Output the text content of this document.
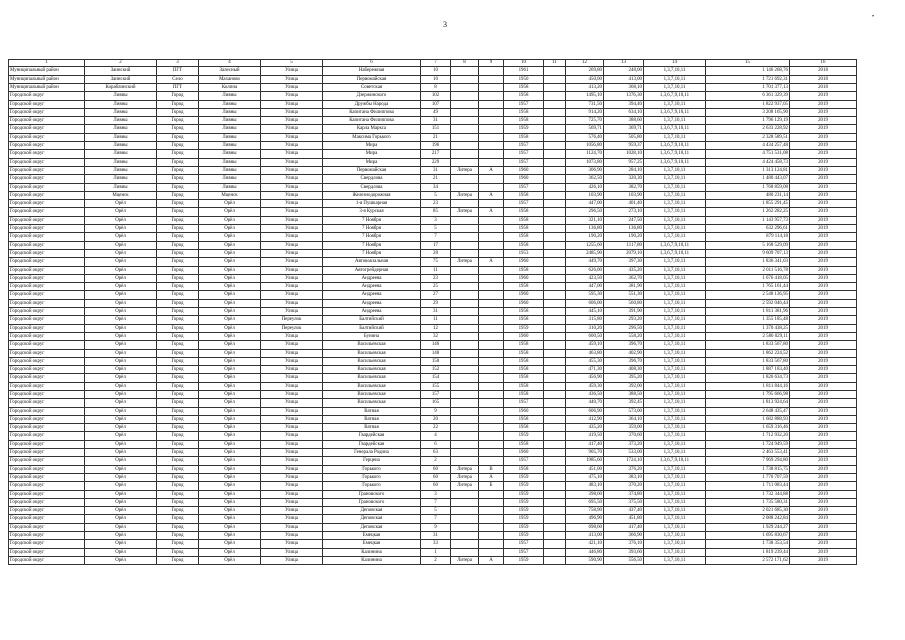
3
•
1	2	3	4	5	6	7	8	9	10	11	12	13	14	15	16
Муниципальный район	Заинский	ПГТ	Залесный	Улица	Набережная	10			1961		269,80	248,00	1,3,7,10,11	1 146 268,76	2018
Муниципальный район	Заинский	Село	Маханово	Улица	Первомайская	10			1950		450,00	413,00	1,3,7,10,11	1 721 692,31	2018
Муниципальный район	Кораблинский	ПГТ	Колпна	Улица	Советская	8			1958		413,20	368,10	1,3,7,10,11	1 701 377,13	2018
Городской округ	Ливны	Город	Ливны	Улица	Дзержинского	102			1958		1495,10	1376,30	1,3,6,7,9,10,11	6 361 329,39	2019
Городской округ	Ливны	Город	Ливны	Улица	Дружбы Народа	107			1957		731,50	394,40	1,3,7,10,11	1 822 937,05	2019
Городской округ	Ливны	Город	Ливны	Улица	Капитана Филиппова	49			1958		914,20	634,10	1,3,6,7,9,10,11	3 208 165,90	2019
Городской округ	Ливны	Город	Ливны	Улица	Капитана Филиппова	31			1958		725,70	388,60	1,3,7,10,11	1 796 129,19	2019
Городской округ	Ливны	Город	Ливны	Улица	Карла Маркса	151			1959		569,71	369,71	1,3,6,7,9,10,11	2 633 228,92	2019
Городской округ	Ливны	Город	Ливны	Улица	Максима Горького	21			1958		576,40	505,80	1,3,7,10,11	2 328 589,51	2019
Городской округ	Ливны	Город	Ливны	Улица	Мира	196			1957		1056,80	959,37	1,3,6,7,9,10,11	4 434 257,48	2019
Городской округ	Ливны	Город	Ливны	Улица	Мира	217			1957		1124,70	1028,10	1,3,6,7,9,10,11	4 751 531,08	2019
Городской округ	Ливны	Город	Ливны	Улица	Мира	229			1957		1073,80	957,25	1,3,6,7,9,10,11	4 424 458,73	2019
Городской округ	Ливны	Город	Ливны	Улица	Первомайская	31	Литера	А	1960		306,90	284,10	1,3,7,10,11	1 313 124,81	2019
Городской округ	Ливны	Город	Ливны	Улица	Свердлова	21			1960		362,50	320,30	1,3,7,10,11	1 480 443,07	2019
Городской округ	Ливны	Город	Ливны	Улица	Свердлова	34			1957		426,10	382,70	1,3,7,10,11	1 768 859,08	2019
Городской округ	Мценск	Город	Мценск	Улица	Железнодорожная	5	Литера	А	1958		103,90	103,90	1,3,7,10,11	480 231,14	2019
Городской округ	Орёл	Город	Орёл	Улица	1-я Пушкарная	23			1957		447,00	401,40	1,3,7,10,11	1 855 291,45	2019
Городской округ	Орёл	Город	Орёл	Улица	3-я Курская	85	Литера	А	1958		296,50	273,10	1,3,7,10,11	1 262 282,25	2019
Городской округ	Орёл	Город	Орёл	Улица	7 Ноября	3			1958		321,10	247,50	1,3,7,10,11	1 143 957,73	2019
Городской округ	Орёл	Город	Орёл	Улица	7 Ноября	5			1958		136,80	136,80	1,3,7,10,11	632 296,61	2019
Городской округ	Орёл	Город	Орёл	Улица	7 Ноября	7			1958		190,20	190,20	1,3,7,10,11	879 114,18	2019
Городской округ	Орёл	Город	Орёл	Улица	7 Ноября	17			1958		1255,60	1117,80	1,3,6,7,9,10,11	5 168 529,09	2019
Городской округ	Орёл	Город	Орёл	Улица	7 Ноября	28			1953		2485,90	2079,10	1,3,6,7,9,10,11	9 609 707,13	2019
Городской округ	Орёл	Город	Орёл	Улица	Автовокзальная	75	Литера	А	1960		449,70	397,30	1,3,7,10,11	1 836 341,03	2019
Городской округ	Орёл	Город	Орёл	Улица	Автогрейдерная	11			1958		626,00	435,20	1,3,7,10,11	2 011 516,78	2019
Городской округ	Орёл	Город	Орёл	Улица	Андреева	23			1960		423,50	362,70	1,3,7,10,11	1 676 418,05	2019
Городской округ	Орёл	Город	Орёл	Улица	Андреева	25			1958		447,00	381,90	1,3,7,10,11	1 765 161,44	2019
Городской округ	Орёл	Город	Орёл	Улица	Андреева	27			1960		595,30	551,30	1,3,7,10,11	2 548 136,95	2019
Городской округ	Орёл	Город	Орёл	Улица	Андреева	29			1960		606,00	560,80	1,3,7,10,11	2 592 046,44	2019
Городской округ	Орёл	Город	Орёл	Улица	Андреева	31			1958		445,10	391,90	1,3,7,10,11	1 811 381,96	2019
Городской округ	Орёл	Город	Орёл	Переулок	Балтийский	11			1958		315,80	293,20	1,3,7,10,11	1 355 185,48	2019
Городской округ	Орёл	Город	Орёл	Переулок	Балтийский	12			1959		310,20	296,50	1,3,7,10,11	1 370 438,25	2019
Городской округ	Орёл	Город	Орёл	Улица	Бунина	32			1960		600,50	558,20	1,3,7,10,11	2 580 029,11	2019
Городской округ	Орёл	Город	Орёл	Улица	Васильевская	146			1958		459,10	396,70	1,3,7,10,11	1 833 567,80	2019
Городской округ	Орёл	Город	Орёл	Улица	Васильевская	148			1958		463,80	402,90	1,3,7,10,11	1 862 224,52	2019
Городской округ	Орёл	Город	Орёл	Улица	Васильевская	150			1958		455,30	396,70	1,3,7,10,11	1 833 567,80	2019
Городской округ	Орёл	Город	Орёл	Улица	Васильевская	152			1958		471,30	408,30	1,3,7,10,11	1 887 183,40	2019
Городской округ	Орёл	Город	Орёл	Улица	Васильевская	154			1958		456,90	395,20	1,3,7,10,11	1 826 634,73	2019
Городской округ	Орёл	Город	Орёл	Улица	Васильевская	155			1958		459,30	392,00	1,3,7,10,11	1 811 844,16	2019
Городской округ	Орёл	Город	Орёл	Улица	Васильевская	157			1958		436,50	388,50	1,3,7,10,11	1 795 666,98	2019
Городской округ	Орёл	Город	Орёл	Улица	Васильевская	165			1957		440,70	392,45	1,3,7,10,11	1 813 924,64	2019
Городской округ	Орёл	Город	Орёл	Улица	Ватная	9			1960		606,90	573,00	1,3,7,10,11	2 648 435,47	2019
Городской округ	Орёл	Город	Орёл	Улица	Ватная	20			1958		412,90	364,10	1,3,7,10,11	1 682 888,93	2019
Городской округ	Орёл	Город	Орёл	Улица	Ватная	22			1958		435,20	359,00	1,3,7,10,11	1 659 316,46	2019
Городской округ	Орёл	Город	Орёл	Улица	Гвардейская	4			1959		419,50	370,60	1,3,7,10,11	1 712 932,20	2019
Городской округ	Орёл	Город	Орёл	Улица	Гвардейская	6			1958		417,40	373,20	1,3,7,10,11	1 724 949,59	2019
Городской округ	Орёл	Город	Орёл	Улица	Генерала Родина	63			1960		905,70	533,00	1,3,7,10,11	2 463 553,41	2019
Городской округ	Орёл	Город	Орёл	Улица	Герцена	2			1957		1985,60	1724,10	1,3,6,7,9,10,11	7 969 294,80	2019
Городской округ	Орёл	Город	Орёл	Улица	Горького	60	Литера	В	1958		451,00	376,20	1,3,7,10,11	1 738 815,75	2019
Городской округ	Орёл	Город	Орёл	Улица	Горького	60	Литера	А	1959		475,10	383,10	1,3,7,10,11	1 770 707,59	2019
Городской округ	Орёл	Город	Орёл	Улица	Горького	60	Литера	Б	1959		483,10	370,20	1,3,7,10,11	1 711 083,44	2019
Городской округ	Орёл	Город	Орёл	Улица	Грановского	3			1959		398,60	374,80	1,3,7,10,11	1 732 344,88	2019
Городской округ	Орёл	Город	Орёл	Улица	Грановского	7			1959		695,50	375,50	1,3,7,10,11	1 735 580,31	2019
Городской округ	Орёл	Город	Орёл	Улица	Деповская	5			1959		758,90	437,40	1,3,7,10,11	2 021 685,30	2019
Городской округ	Орёл	Город	Орёл	Улица	Деповская	7			1959		496,90	451,80	1,3,7,10,11	2 088 242,84	2019
Городской округ	Орёл	Город	Орёл	Улица	Деповская	9			1959		698,60	417,40	1,3,7,10,11	1 929 244,27	2019
Городской округ	Орёл	Город	Орёл	Улица	Емецкая	31			1959		413,00	366,90	1,3,7,10,11	1 695 830,67	2019
Городской округ	Орёл	Город	Орёл	Улица	Емецкая	33			1957		421,10	376,10	1,3,7,10,11	1 738 353,54	2019
Городской округ	Орёл	Город	Орёл	Улица	Калинина	1			1957		446,80	393,60	1,3,7,10,11	1 819 239,44	2019
Городской округ	Орёл	Город	Орёл	Улица	Калинина	2	Литера	А	1959		590,90	556,50	1,3,7,10,11	2 572 171,62	2019
